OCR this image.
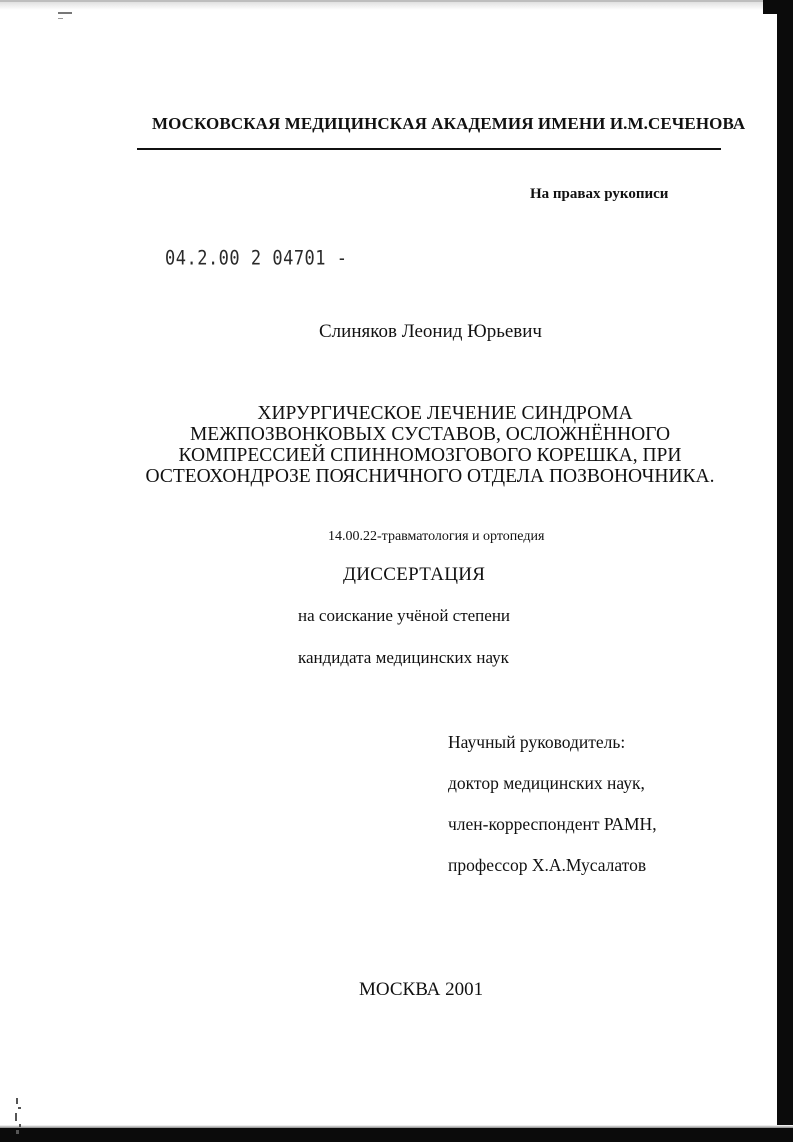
МОСКОВСКАЯ МЕДИЦИНСКАЯ АКАДЕМИЯ ИМЕНИ И.М.СЕЧЕНОВА
На правах рукописи
04.2.00 2 04701 -
Слиняков Леонид Юрьевич
ХИРУРГИЧЕСКОЕ ЛЕЧЕНИЕ СИНДРОМА
МЕЖПОЗВОНКОВЫХ СУСТАВОВ, ОСЛОЖНЁННОГО
КОМПРЕССИЕЙ СПИННОМОЗГОВОГО КОРЕШКА, ПРИ
ОСТЕОХОНДРОЗЕ ПОЯСНИЧНОГО ОТДЕЛА ПОЗВОНОЧНИКА.
14.00.22-травматология и ортопедия
ДИССЕРТАЦИЯ
на соискание учёной степени
кандидата медицинских наук
Научный руководитель:
доктор медицинских наук,
член-корреспондент РАМН,
профессор Х.А.Мусалатов
МОСКВА 2001
